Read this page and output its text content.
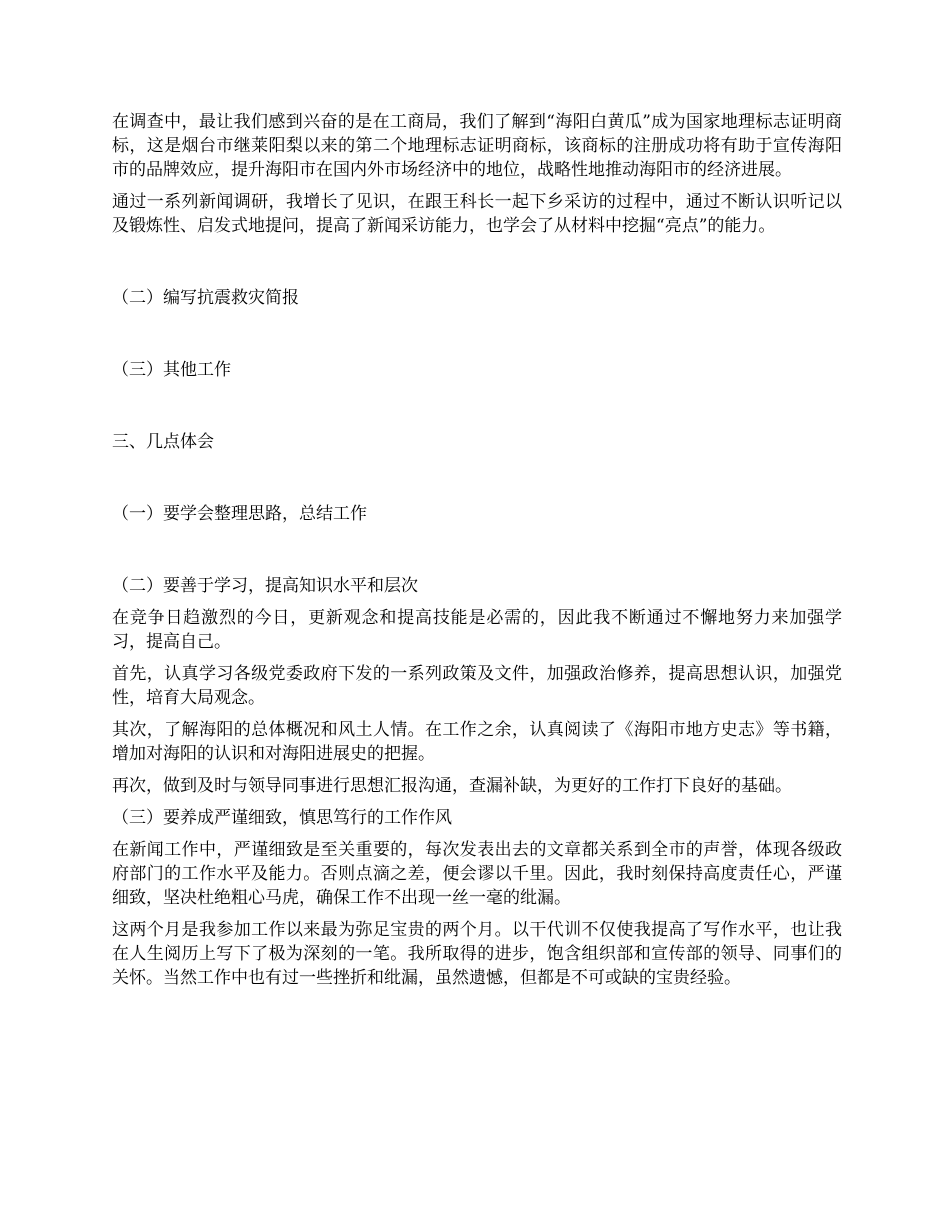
在调查中，最让我们感到兴奋的是在工商局，我们了解到“海阳白黄瓜”成为国家地理标志证明商标，这是烟台市继莱阳梨以来的第二个地理标志证明商标，该商标的注册成功将有助于宣传海阳市的品牌效应，提升海阳市在国内外市场经济中的地位，战略性地推动海阳市的经济进展。

通过一系列新闻调研，我增长了见识，在跟王科长一起下乡采访的过程中，通过不断认识听记以及锻炼性、启发式地提问，提高了新闻采访能力，也学会了从材料中挖掘“亮点”的能力。

（二）编写抗震救灾简报

（三）其他工作

三、几点体会

（一）要学会整理思路，总结工作

（二）要善于学习，提高知识水平和层次

在竞争日趋激烈的今日，更新观念和提高技能是必需的，因此我不断通过不懈地努力来加强学习，提高自己。

首先，认真学习各级党委政府下发的一系列政策及文件，加强政治修养，提高思想认识，加强党性，培育大局观念。

其次，了解海阳的总体概况和风土人情。在工作之余，认真阅读了《海阳市地方史志》等书籍，增加对海阳的认识和对海阳进展史的把握。

再次，做到及时与领导同事进行思想汇报沟通，查漏补缺，为更好的工作打下良好的基础。

（三）要养成严谨细致，慎思笃行的工作作风

在新闻工作中，严谨细致是至关重要的，每次发表出去的文章都关系到全市的声誉，体现各级政府部门的工作水平及能力。否则点滴之差，便会谬以千里。因此，我时刻保持高度责任心，严谨细致，坚决杜绝粗心马虎，确保工作不出现一丝一毫的纰漏。

这两个月是我参加工作以来最为弥足宝贵的两个月。以干代训不仅使我提高了写作水平，也让我在人生阅历上写下了极为深刻的一笔。我所取得的进步，饱含组织部和宣传部的领导、同事们的关怀。当然工作中也有过一些挫折和纰漏，虽然遗憾，但都是不可或缺的宝贵经验。
